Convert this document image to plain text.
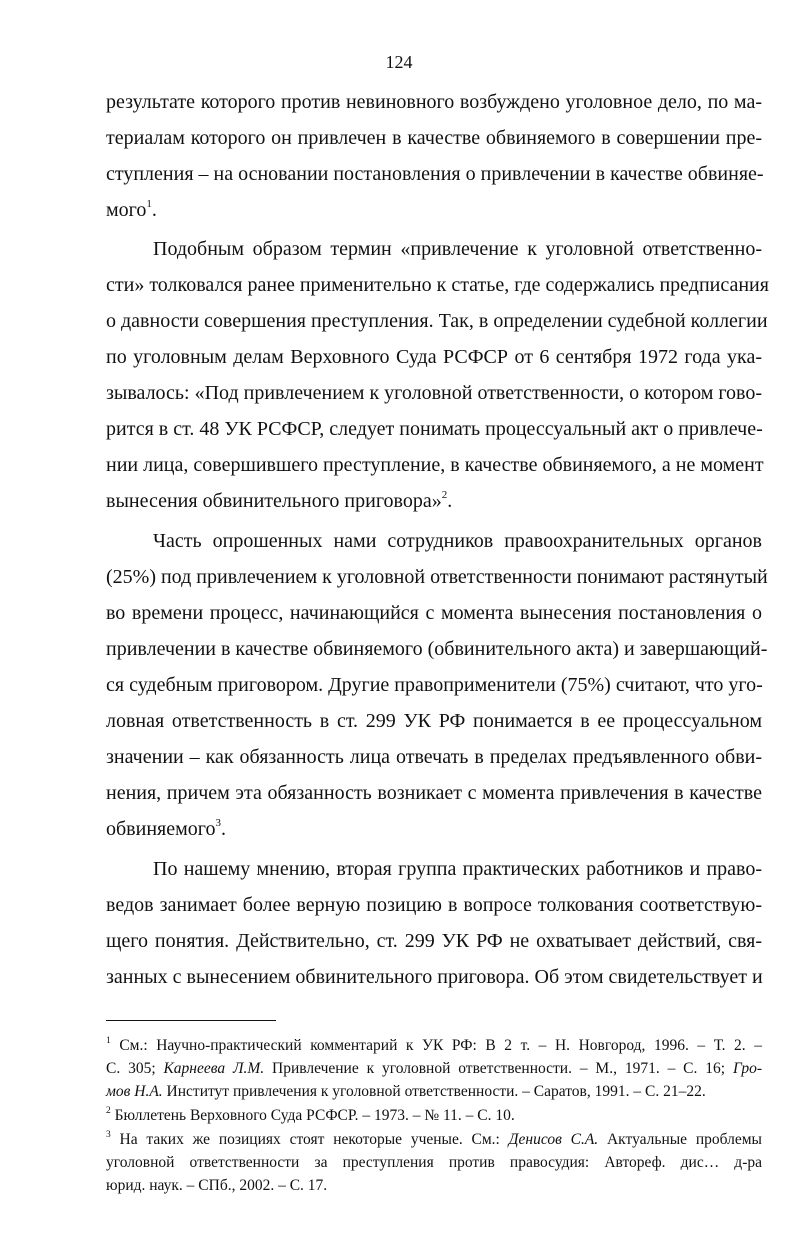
124
результате которого против невиновного возбуждено уголовное дело, по ма-
териалам которого он привлечен в качестве обвиняемого в совершении пре-
ступления – на основании постановления о привлечении в качестве обвиняе-
мого$^1$.
Подобным образом термин «привлечение к уголовной ответственно-
сти» толковался ранее применительно к статье, где содержались предписания
о давности совершения преступления. Так, в определении судебной коллегии
по уголовным делам Верховного Суда РСФСР от 6 сентября 1972 года ука-
зывалось: «Под привлечением к уголовной ответственности, о котором гово-
рится в ст. 48 УК РСФСР, следует понимать процессуальный акт о привлече-
нии лица, совершившего преступление, в качестве обвиняемого, а не момент
вынесения обвинительного приговора»$^2$.
Часть опрошенных нами сотрудников правоохранительных органов
(25%) под привлечением к уголовной ответственности понимают растянутый
во времени процесс, начинающийся с момента вынесения постановления о
привлечении в качестве обвиняемого (обвинительного акта) и завершающий-
ся судебным приговором. Другие правоприменители (75%) считают, что уго-
ловная ответственность в ст. 299 УК РФ понимается в ее процессуальном
значении – как обязанность лица отвечать в пределах предъявленного обви-
нения, причем эта обязанность возникает с момента привлечения в качестве
обвиняемого$^3$.
По нашему мнению, вторая группа практических работников и право-
ведов занимает более верную позицию в вопросе толкования соответствую-
щего понятия. Действительно, ст. 299 УК РФ не охватывает действий, свя-
занных с вынесением обвинительного приговора. Об этом свидетельствует и
$^1$ См.: Научно-практический комментарий к УК РФ: В 2 т. – Н. Новгород, 1996. – Т. 2. –
С. 305; Карнеева Л.М. Привлечение к уголовной ответственности. – М., 1971. – С. 16; Гро-
мов Н.А. Институт привлечения к уголовной ответственности. – Саратов, 1991. – С. 21–22.
$^2$ Бюллетень Верховного Суда РСФСР. – 1973. – № 11. – С. 10.
$^3$ На таких же позициях стоят некоторые ученые. См.: Денисов С.А. Актуальные проблемы
уголовной ответственности за преступления против правосудия: Автореф. дис… д-ра
юрид. наук. – СПб., 2002. – С. 17.
